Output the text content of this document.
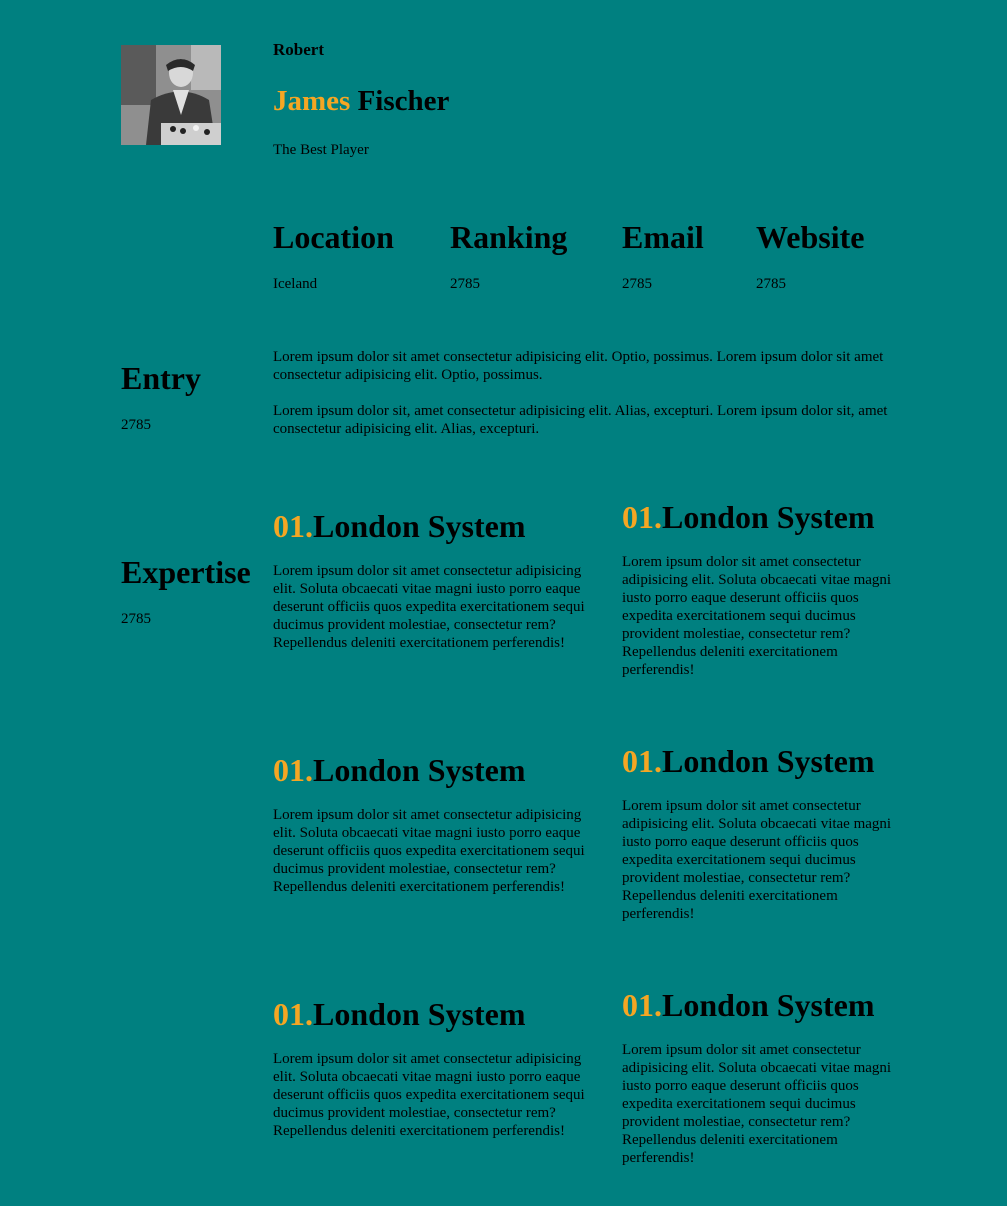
Robert
James Fischer

The Best Player

Location

Iceland

Ranking

2785

Email

2785

Website

2785

Entry

2785

Lorem ipsum dolor sit amet consectetur adipisicing elit. Optio, possimus. Lorem ipsum dolor sit amet consectetur adipisicing elit. Optio, possimus.

Lorem ipsum dolor sit, amet consectetur adipisicing elit. Alias, excepturi. Lorem ipsum dolor sit, amet consectetur adipisicing elit. Alias, excepturi.

Expertise

2785

01.London System

Lorem ipsum dolor sit amet consectetur adipisicing elit. Soluta obcaecati vitae magni iusto porro eaque deserunt officiis quos expedita exercitationem sequi ducimus provident molestiae, consectetur rem? Repellendus deleniti exercitationem perferendis!

01.London System

Lorem ipsum dolor sit amet consectetur adipisicing elit. Soluta obcaecati vitae magni iusto porro eaque deserunt officiis quos expedita exercitationem sequi ducimus provident molestiae, consectetur rem? Repellendus deleniti exercitationem perferendis!

01.London System

Lorem ipsum dolor sit amet consectetur adipisicing elit. Soluta obcaecati vitae magni iusto porro eaque deserunt officiis quos expedita exercitationem sequi ducimus provident molestiae, consectetur rem? Repellendus deleniti exercitationem perferendis!

01.London System

Lorem ipsum dolor sit amet consectetur adipisicing elit. Soluta obcaecati vitae magni iusto porro eaque deserunt officiis quos expedita exercitationem sequi ducimus provident molestiae, consectetur rem? Repellendus deleniti exercitationem perferendis!

01.London System

Lorem ipsum dolor sit amet consectetur adipisicing elit. Soluta obcaecati vitae magni iusto porro eaque deserunt officiis quos expedita exercitationem sequi ducimus provident molestiae, consectetur rem? Repellendus deleniti exercitationem perferendis!

01.London System

Lorem ipsum dolor sit amet consectetur adipisicing elit. Soluta obcaecati vitae magni iusto porro eaque deserunt officiis quos expedita exercitationem sequi ducimus provident molestiae, consectetur rem? Repellendus deleniti exercitationem perferendis!
